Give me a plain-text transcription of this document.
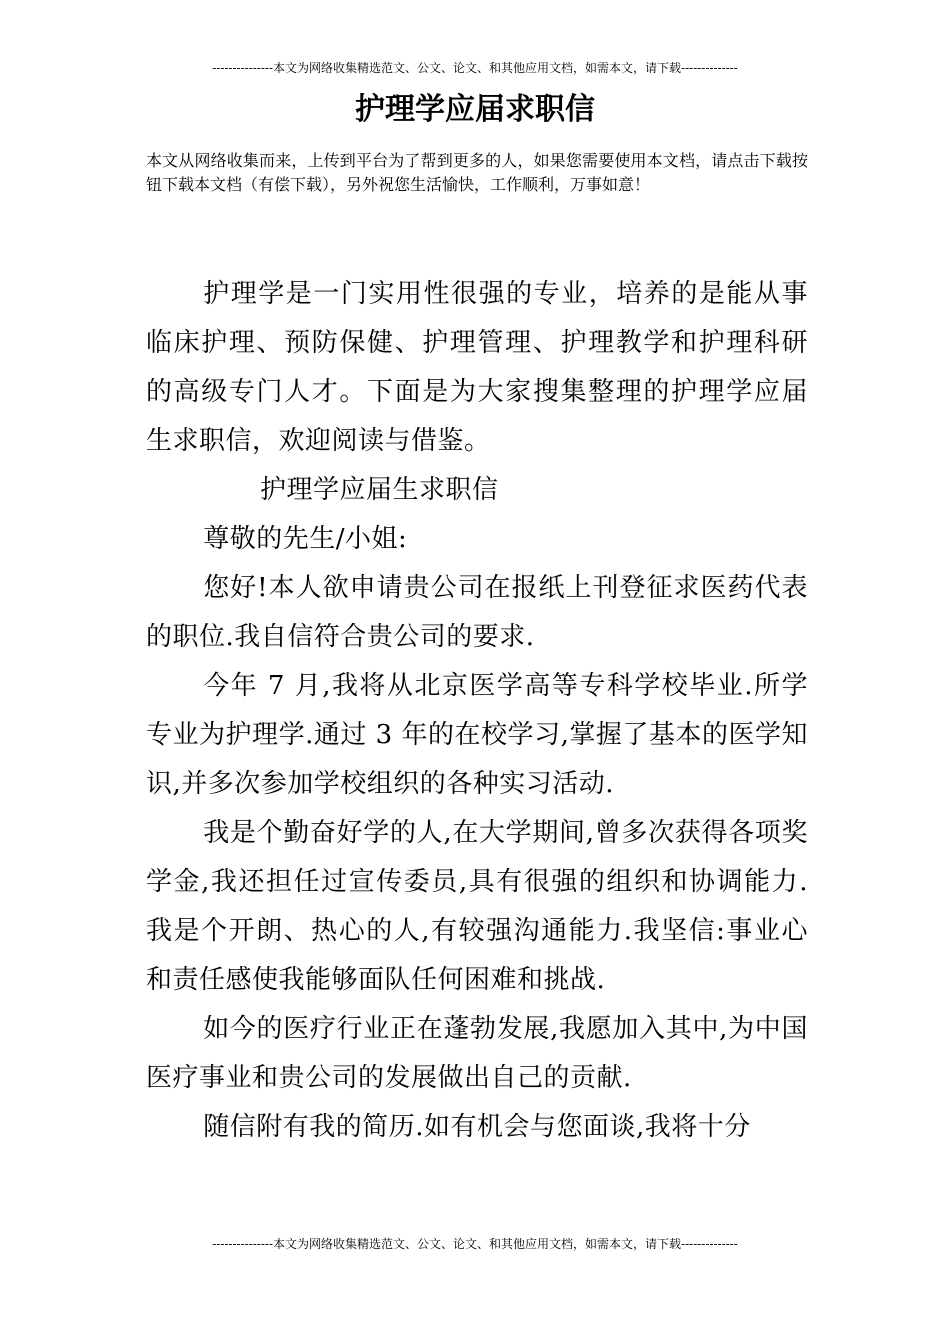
---------------本文为网络收集精选范文、公文、论文、和其他应用文档，如需本文，请下载--------------
护理学应届求职信
本文从网络收集而来，上传到平台为了帮到更多的人，如果您需要使用本文档，请点击下载按钮下载本文档（有偿下载），另外祝您生活愉快，工作顺利，万事如意！

护理学是一门实用性很强的专业，培养的是能从事临床护理、预防保健、护理管理、护理教学和护理科研的高级专门人才。下面是为大家搜集整理的护理学应届生求职信，欢迎阅读与借鉴。

护理学应届生求职信

尊敬的先生/小姐:

您好!本人欲申请贵公司在报纸上刊登征求医药代表的职位.我自信符合贵公司的要求.

今年 7 月,我将从北京医学高等专科学校毕业.所学专业为护理学.通过 3 年的在校学习,掌握了基本的医学知识,并多次参加学校组织的各种实习活动.

我是个勤奋好学的人,在大学期间,曾多次获得各项奖学金,我还担任过宣传委员,具有很强的组织和协调能力.我是个开朗、热心的人,有较强沟通能力.我坚信:事业心和责任感使我能够面队任何困难和挑战.

如今的医疗行业正在蓬勃发展,我愿加入其中,为中国医疗事业和贵公司的发展做出自己的贡献.

随信附有我的简历.如有机会与您面谈,我将十分

---------------本文为网络收集精选范文、公文、论文、和其他应用文档，如需本文，请下载--------------
